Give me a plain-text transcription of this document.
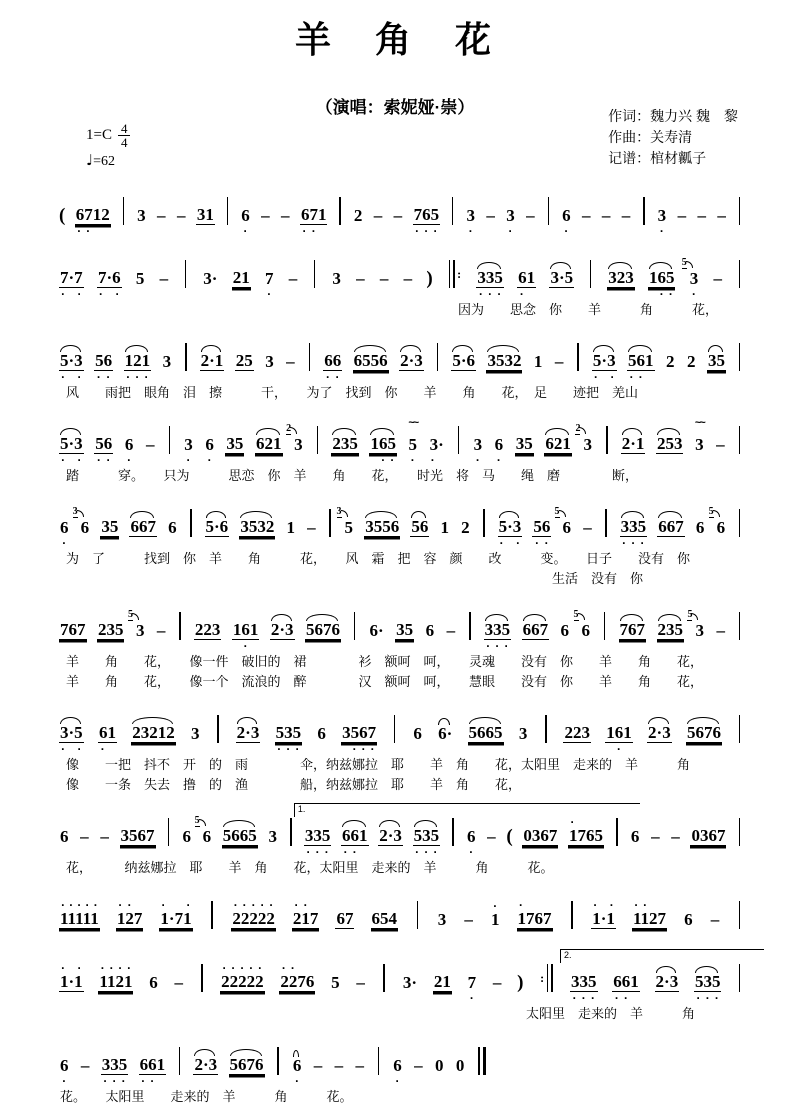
羊　角　花
（演唱：索妮娅·崇）
$1=C \frac{4}{4}$
♩=62
作词：魏力兴 魏　黎
作曲：关寿清
记谱：棺材瓤子
( 6712
· ·

3 – – 31 6
·
– – 671
· ·

2 – – 765
· · ·
3
·
– 3
·
– 6
·
– – – 3
·
– – –
7·7
·
·
7·6
·
·
5 – 3· 21 7
·
– 3 – – – ) : 335
· · ·
61
·

3·5 323 165

· ·
5
3
·
–
因为　　思念　你　　羊　　　角　　　花，
5·3
·
·
56
· ·
121
· · ·
3 2·1 25 3 – 66
· ·
6556 2·3 5·6 3532 1 – 5·3
·
·
561
· ·

2 2 35
风　　雨把　眼角　泪　擦　　　干，　　为了　找到　你　　羊　　角　　花，　足　　迹把　羌山
5·3
·
·
56
· ·
6
·
– 3
·
6
·
35 621
2
3 235 165

· ·
~~
5
·
3·
·

3
·
6
·
35 621
2
3 2·1 253
~~
3 –
踏　　　穿。　　只为　　　思恋　你　羊　　角　　花，　　时光　将　马　　绳　磨　　　　断，
6
·
3
6 35 667 6 5·6 3532 1 –
3
5 3556 56 1 2 5·3
·
·
56
· ·
5
6 – 335
· · ·
667 6
5
6
为　了　　　找到　你　羊　　角　　　花，　　风　霜　把　容　颜　　改　　　变。　　日子　　没有　你
生活　没有　你
767 235
5
3 – 223 161

·

2·3 5676 6· 35 6 – 335
· · ·
667 6
5
6 767 235
5
3 –
羊　　角　　花，　　像一件　破旧的　裙　　　　衫　额呵　呵，　　灵魂　　没有　你　　羊　　角　　花，
羊　　角　　花，　　像一个　流浪的　醉　　　　汉　额呵　呵，　　慧眼　　没有　你　　羊　　角　　花，
3·5
·
·
61
·

23212 3 2·3 535
· · ·
6 3567

· · ·
6 6· 5665 3 223 161

·

2·3 5676
像　　一把　抖不　开　的　雨　　　　伞，纳兹娜拉　耶　　羊　角　　花，太阳里　走来的　羊　　　角
像　　一条　失去　撸　的　渔　　　　船，纳兹娜拉　耶　　羊　角　　花，
6 – – 3567 6
5
6 5665 3
1.
335
· · ·
661
· ·

2·3 535
· · ·
6
·
– ( 0367
·

1765 6 – – 0367
花，　　　纳兹娜拉　耶　　羊　角　　花，太阳里　走来的　羊　　　角　　　花。
· · · · ·
11111
· ·

127
·

·
1·71
· · · · ·
22222
· ·

217 67 654 3 –
·
1
·

1767
·
·
1·1
· ·

1127 6 –
·
·
1·1
· · · ·
1121 6 –
· · · · ·
22222
· ·

2276 5 – 3· 21 7
·
– ) :
2.
335
· · ·
661
· ·

2·3 535
· · ·
太阳里　走来的　羊　　　角
6
·
– 335
· · ·
661
· ·

2·3 5676 6
·
– – – 6
·
– 0 0
花。　　太阳里　　走来的　羊　　　角　　　花。
